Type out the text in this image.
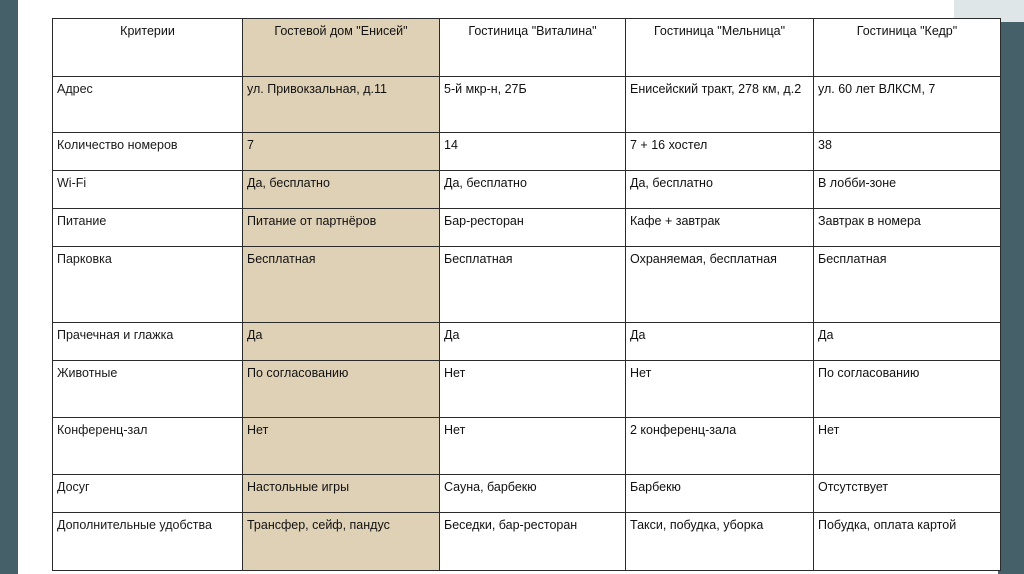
Критерии	Гостевой дом "Енисей"	Гостиница "Виталина"	Гостиница "Мельница"	Гостиница "Кедр"
Адрес	ул. Привокзальная, д.11	5-й мкр-н, 27Б	Енисейский тракт, 278 км, д.2	ул. 60 лет ВЛКСМ, 7
Количество номеров	7	14	7 + 16 хостел	38
Wi-Fi	Да, бесплатно	Да, бесплатно	Да, бесплатно	В лобби-зоне
Питание	Питание от партнёров	Бар-ресторан	Кафе + завтрак	Завтрак в номера
Парковка	Бесплатная	Бесплатная	Охраняемая, бесплатная	Бесплатная
Прачечная и глажка	Да	Да	Да	Да
Животные	По согласованию	Нет	Нет	По согласованию
Конференц-зал	Нет	Нет	2 конференц-зала	Нет
Досуг	Настольные игры	Сауна, барбекю	Барбекю	Отсутствует
Дополнительные удобства	Трансфер, сейф, пандус	Беседки, бар-ресторан	Такси, побудка, уборка	Побудка, оплата картой
